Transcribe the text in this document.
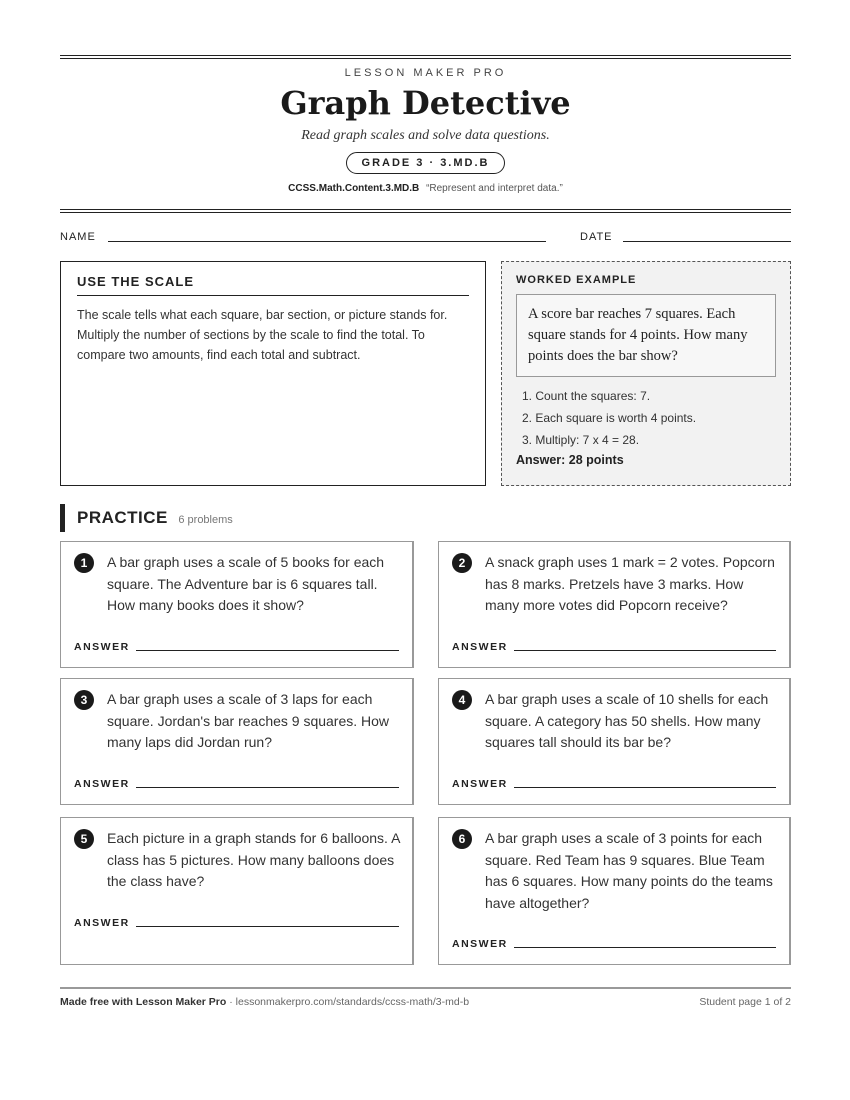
LESSON MAKER PRO
Graph Detective
Read graph scales and solve data questions.
GRADE 3 · 3.MD.B
CCSS.Math.Content.3.MD.B “Represent and interpret data.”
NAME	DATE
USE THE SCALE
The scale tells what each square, bar section, or picture stands for. Multiply the number of sections by the scale to find the total. To compare two amounts, find each total and subtract.
WORKED EXAMPLE
A score bar reaches 7 squares. Each square stands for 4 points. How many points does the bar show?
1. Count the squares: 7.
2. Each square is worth 4 points.
3. Multiply: 7 x 4 = 28.
Answer: 28 points
PRACTICE 6 problems
1	A bar graph uses a scale of 5 books for each square. The Adventure bar is 6 squares tall. How many books does it show?
ANSWER
2	A snack graph uses 1 mark = 2 votes. Popcorn has 8 marks. Pretzels have 3 marks. How many more votes did Popcorn receive?
ANSWER
3	A bar graph uses a scale of 3 laps for each square. Jordan's bar reaches 9 squares. How many laps did Jordan run?
ANSWER
4	A bar graph uses a scale of 10 shells for each square. A category has 50 shells. How many squares tall should its bar be?
ANSWER
5	Each picture in a graph stands for 6 balloons. A class has 5 pictures. How many balloons does the class have?
ANSWER
6	A bar graph uses a scale of 3 points for each square. Red Team has 9 squares. Blue Team has 6 squares. How many points do the teams have altogether?
ANSWER
Made free with Lesson Maker Pro · lessonmakerpro.com/standards/ccss-math/3-md-b	Student page 1 of 2
